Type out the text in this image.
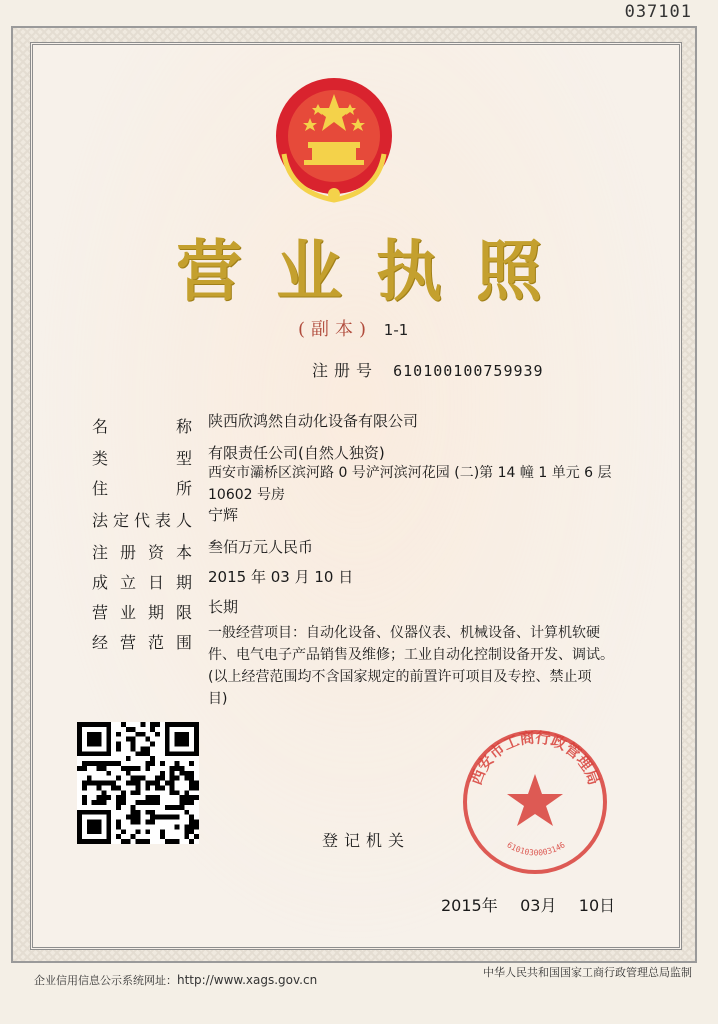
037101
营业执照
(副本) 1-1
注册号 610100100759939
名	称 陕西欣鸿然自动化设备有限公司
类	型 有限责任公司(自然人独资)
住	所
西安市灞桥区滨河路 0 号浐河滨河花园 (二)第 14 幢 1 单元 6 层
10602 号房
法 定 代 表 人 宁辉
注 册 资 本 叁佰万元人民币
成 立 日 期 2015 年 03 月 10 日
营 业 期 限 长期
经 营 范 围 一般经营项目：自动化设备、仪器仪表、机械设备、计算机软硬
件、电气电子产品销售及维修；工业自动化控制设备开发、调试。
(以上经营范围均不含国家规定的前置许可项目及专控、禁止项
目)
西安市工商行政管理局
6101030003146
登记机关
2015年 03月 10日
企业信用信息公示系统网址：http://www.xags.gov.cn
中华人民共和国国家工商行政管理总局监制
